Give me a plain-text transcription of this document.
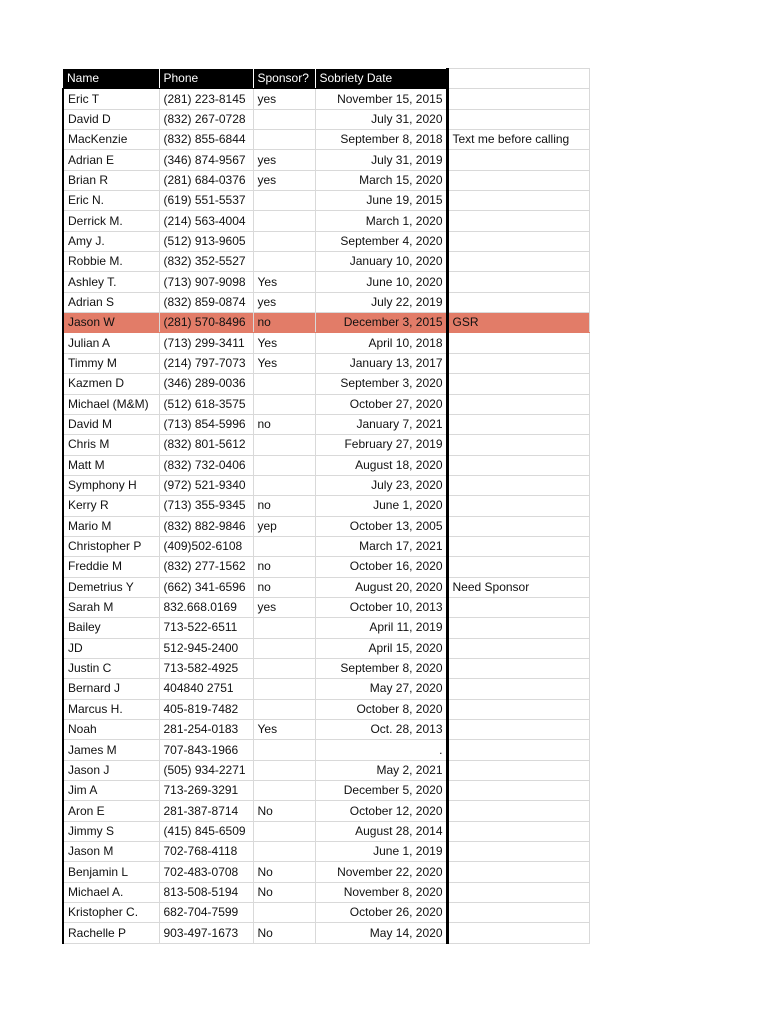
Name	Phone	Sponsor?	Sobriety Date	
Eric T	(281) 223-8145	yes	November 15, 2015	
David D	(832) 267-0728		July 31, 2020	
MacKenzie	(832) 855-6844		September 8, 2018	Text me before calling
Adrian E	(346) 874-9567	yes	July 31, 2019	
Brian R	(281) 684-0376	yes	March 15, 2020	
Eric N.	(619) 551-5537		June 19, 2015	
Derrick M.	(214) 563-4004		March 1, 2020	
Amy J.	(512) 913-9605		September 4, 2020	
Robbie M.	(832) 352-5527		January 10, 2020	
Ashley T.	(713) 907-9098	Yes	June 10, 2020	
Adrian S	(832) 859-0874	yes	July 22, 2019	
Jason W	(281) 570-8496	no	December 3, 2015	GSR
Julian A	(713) 299-3411	Yes	April 10, 2018	
Timmy M	(214) 797-7073	Yes	January 13, 2017	
Kazmen D	(346) 289-0036		September 3, 2020	
Michael (M&M)	(512) 618-3575		October 27, 2020	
David M	(713) 854-5996	no	January 7, 2021	
Chris M	(832) 801-5612		February 27, 2019	
Matt M	(832) 732-0406		August 18, 2020	
Symphony H	(972) 521-9340		July 23, 2020	
Kerry R	(713) 355-9345	no	June 1, 2020	
Mario M	(832) 882-9846	yep	October 13, 2005	
Christopher P	(409)502-6108		March 17, 2021	
Freddie M	(832) 277-1562	no	October 16, 2020	
Demetrius Y	(662) 341-6596	no	August 20, 2020	Need Sponsor
Sarah M	832.668.0169	yes	October 10, 2013	
Bailey	713-522-6511		April 11, 2019	
JD	512-945-2400		April 15, 2020	
Justin C	713-582-4925		September 8, 2020	
Bernard J	404840 2751		May 27, 2020	
Marcus H.	405-819-7482		October 8, 2020	
Noah	281-254-0183	Yes	Oct. 28, 2013	
James M	707-843-1966		.	
Jason J	(505) 934-2271		May 2, 2021	
Jim A	713-269-3291		December 5, 2020	
Aron E	281-387-8714	No	October 12, 2020	
Jimmy S	(415) 845-6509		August 28, 2014	
Jason M	702-768-4118		June 1, 2019	
Benjamin L	702-483-0708	No	November 22, 2020	
Michael A.	813-508-5194	No	November 8, 2020	
Kristopher C.	682-704-7599		October 26, 2020	
Rachelle P	903-497-1673	No	May 14, 2020	
